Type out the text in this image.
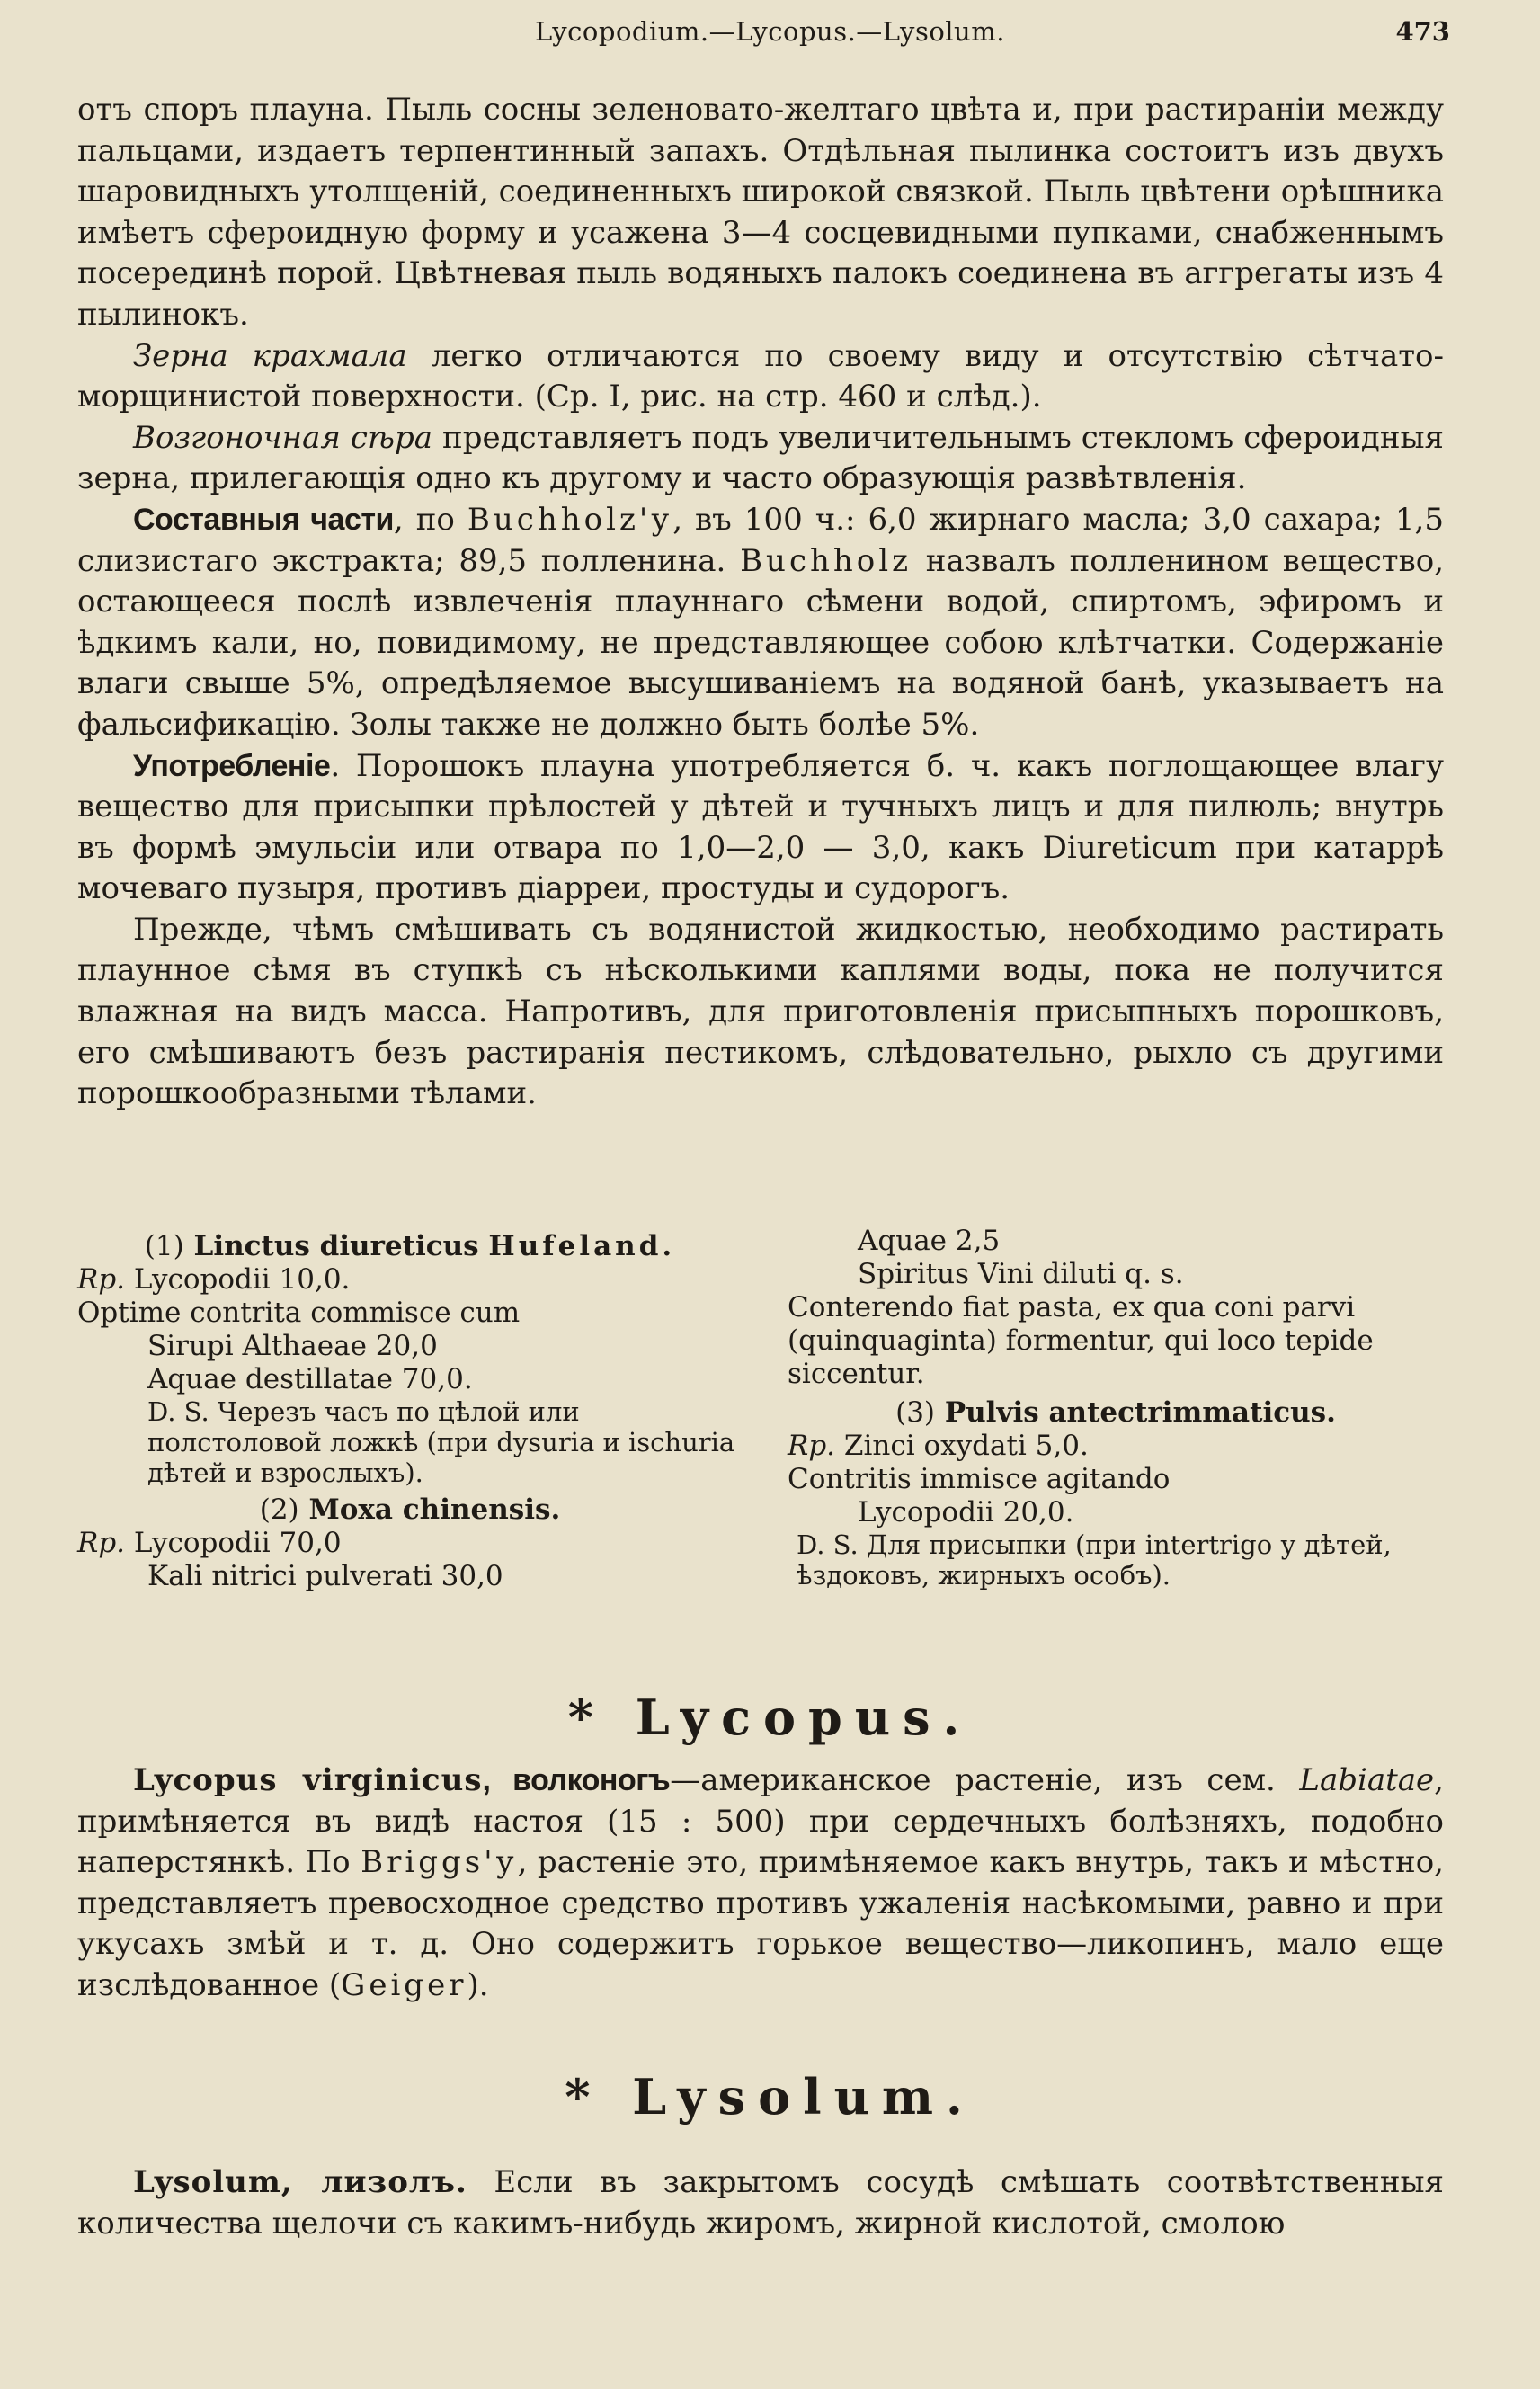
Lycopodium.—Lycopus.—Lysolum.	473

отъ споръ плауна. Пыль сосны зеленовато-желтаго цвѣта и, при растираніи между пальцами, издаетъ терпентинный запахъ. Отдѣльная пылинка состоитъ изъ двухъ шаровидныхъ утолщеній, соединенныхъ широкой связкой. Пыль цвѣтени орѣшника имѣетъ сфероидную форму и усажена 3—4 сосцевидными пупками, снабженнымъ посерединѣ порой. Цвѣтневая пыль водяныхъ палокъ соединена въ аггрегаты изъ 4 пылинокъ.

Зерна крахмала легко отличаются по своему виду и отсутствію сѣтчато-морщинистой поверхности. (Ср. I, рис. на стр. 460 и слѣд.).

Возгоночная сѣра представляетъ подъ увеличительнымъ стекломъ сфероидныя зерна, прилегающія одно къ другому и часто образующія развѣтвленія.

Составныя части, по Buchholz'у, въ 100 ч.: 6,0 жирнаго масла; 3,0 сахара; 1,5 слизистаго экстракта; 89,5 полленина. Buchholz назвалъ полленином вещество, остающееся послѣ извлеченія плауннаго сѣмени водой, спиртомъ, эфиромъ и ѣдкимъ кали, но, повидимому, не представляющее собою клѣтчатки. Содержаніе влаги свыше 5%, опредѣляемое высушиваніемъ на водяной банѣ, указываетъ на фальсификацію. Золы также не должно быть болѣе 5%.

Употребленіе. Порошокъ плауна употребляется б. ч. какъ поглощающее влагу вещество для присыпки прѣлостей у дѣтей и тучныхъ лицъ и для пилюль; внутрь въ формѣ эмульсіи или отвара по 1,0—2,0 — 3,0, какъ Diureticum при катаррѣ мочеваго пузыря, противъ діарреи, простуды и судорогъ.

Прежде, чѣмъ смѣшивать съ водянистой жидкостью, необходимо растирать плаунное сѣмя въ ступкѣ съ нѣсколькими каплями воды, пока не получится влажная на видъ масса. Напротивъ, для приготовленія присыпныхъ порошковъ, его смѣшиваютъ безъ растиранія пестикомъ, слѣдовательно, рыхло съ другими порошкообразными тѣлами.

(1) Linctus diureticus Hufeland.
Rp. Lycopodii 10,0.
Optime contrita commisce cum
Sirupi Althaeae 20,0
Aquae destillatae 70,0.
D. S. Черезъ часъ по цѣлой или полстоловой ложкѣ (при dysuria и ischuria дѣтей и взрослыхъ).
(2) Moxa chinensis.
Rp. Lycopodii 70,0
Kali nitrici pulverati 30,0
Aquae 2,5
Spiritus Vini diluti q. s.
Conterendo fiat pasta, ex qua coni parvi (quinquaginta) formentur, qui loco tepide siccentur.
(3) Pulvis antectrimmaticus.
Rp. Zinci oxydati 5,0.
Contritis immisce agitando
Lycopodii 20,0.
D. S. Для присыпки (при intertrigo у дѣтей, ѣздоковъ, жирныхъ особъ).
* Lycopus.

Lycopus virginicus, волконогъ—американское растеніе, изъ сем. Labiatae, примѣняется въ видѣ настоя (15 : 500) при сердечныхъ болѣзняхъ, подобно наперстянкѣ. По Briggs'у, растеніе это, примѣняемое какъ внутрь, такъ и мѣстно, представляетъ превосходное средство противъ ужаленія насѣкомыми, равно и при укусахъ змѣй и т. д. Оно содержитъ горькое вещество—ликопинъ, мало еще изслѣдованное (Geiger).

* Lysolum.

Lysolum, лизолъ. Если въ закрытомъ сосудѣ смѣшать соотвѣтственныя количества щелочи съ какимъ-нибудь жиромъ, жирной кислотой, смолою
